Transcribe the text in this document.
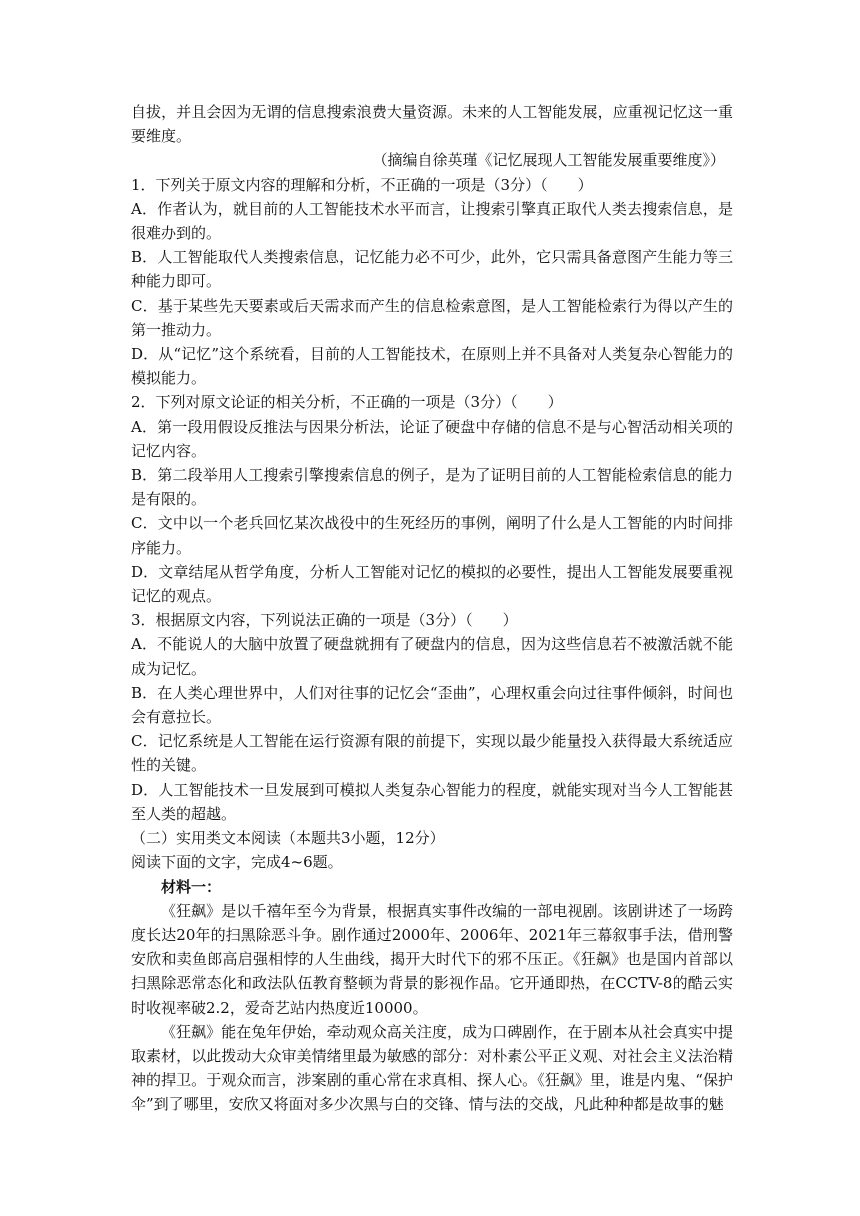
自拔，并且会因为无谓的信息搜索浪费大量资源。未来的人工智能发展，应重视记忆这一重要维度。

（摘编自徐英瑾《记忆展现人工智能发展重要维度》）

1．下列关于原文内容的理解和分析，不正确的一项是（3分）（　　）

A．作者认为，就目前的人工智能技术水平而言，让搜索引擎真正取代人类去搜索信息，是很难办到的。

B．人工智能取代人类搜索信息，记忆能力必不可少，此外，它只需具备意图产生能力等三种能力即可。

C．基于某些先天要素或后天需求而产生的信息检索意图，是人工智能检索行为得以产生的第一推动力。

D．从“记忆”这个系统看，目前的人工智能技术，在原则上并不具备对人类复杂心智能力的模拟能力。

2．下列对原文论证的相关分析，不正确的一项是（3分）（　　）

A．第一段用假设反推法与因果分析法，论证了硬盘中存储的信息不是与心智活动相关项的记忆内容。

B．第二段举用人工搜索引擎搜索信息的例子，是为了证明目前的人工智能检索信息的能力是有限的。

C．文中以一个老兵回忆某次战役中的生死经历的事例，阐明了什么是人工智能的内时间排序能力。

D．文章结尾从哲学角度，分析人工智能对记忆的模拟的必要性，提出人工智能发展要重视记忆的观点。

3．根据原文内容，下列说法正确的一项是（3分）（　　）

A．不能说人的大脑中放置了硬盘就拥有了硬盘内的信息，因为这些信息若不被激活就不能成为记忆。

B．在人类心理世界中，人们对往事的记忆会“歪曲”，心理权重会向过往事件倾斜，时间也会有意拉长。

C．记忆系统是人工智能在运行资源有限的前提下，实现以最少能量投入获得最大系统适应性的关键。

D．人工智能技术一旦发展到可模拟人类复杂心智能力的程度，就能实现对当今人工智能甚至人类的超越。

（二）实用类文本阅读（本题共3小题，12分）

阅读下面的文字，完成4~6题。

材料一：

《狂飙》是以千禧年至今为背景，根据真实事件改编的一部电视剧。该剧讲述了一场跨度长达20年的扫黑除恶斗争。剧作通过2000年、2006年、2021年三幕叙事手法，借刑警安欣和卖鱼郎高启强相悖的人生曲线，揭开大时代下的邪不压正。《狂飙》也是国内首部以扫黑除恶常态化和政法队伍教育整顿为背景的影视作品。它开通即热，在CCTV-8的酷云实时收视率破2.2，爱奇艺站内热度近10000。

《狂飙》能在兔年伊始，牵动观众高关注度，成为口碑剧作，在于剧本从社会真实中提取素材，以此拨动大众审美情绪里最为敏感的部分：对朴素公平正义观、对社会主义法治精神的捍卫。于观众而言，涉案剧的重心常在求真相、探人心。《狂飙》里，谁是内鬼、“保护伞”到了哪里，安欣又将面对多少次黑与白的交锋、情与法的交战，凡此种种都是故事的魅
